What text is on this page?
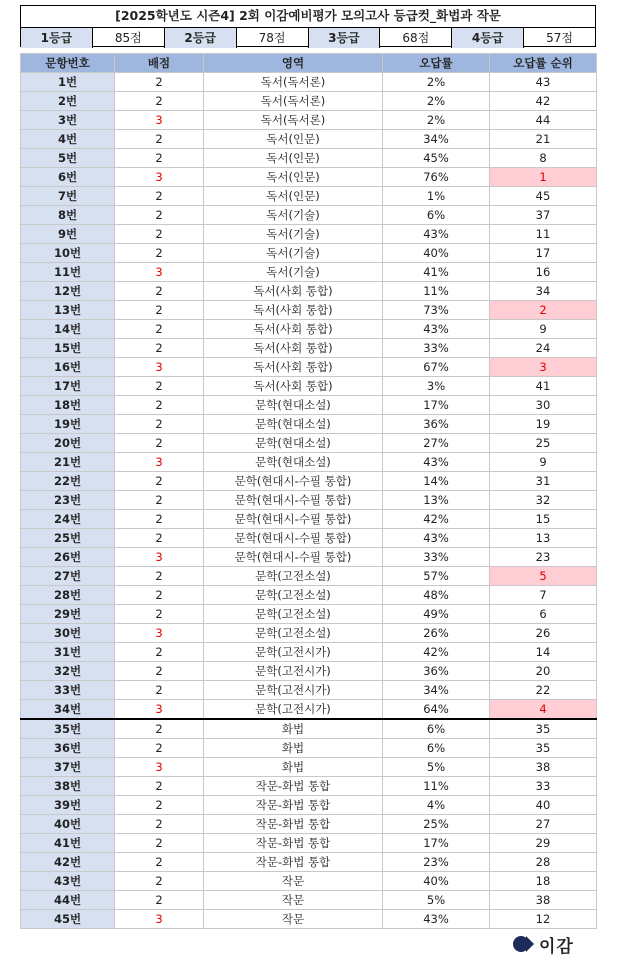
[2025학년도 시즌4] 2회 이감예비평가 모의고사 등급컷_화법과 작문
1등급	85점	2등급	78점	3등급	68점	4등급	57점
문항번호	배점	영역	오답률	오답률 순위
1번	2	독서(독서론)	2%	43
2번	2	독서(독서론)	2%	42
3번	3	독서(독서론)	2%	44
4번	2	독서(인문)	34%	21
5번	2	독서(인문)	45%	8
6번	3	독서(인문)	76%	1
7번	2	독서(인문)	1%	45
8번	2	독서(기술)	6%	37
9번	2	독서(기술)	43%	11
10번	2	독서(기술)	40%	17
11번	3	독서(기술)	41%	16
12번	2	독서(사회 통합)	11%	34
13번	2	독서(사회 통합)	73%	2
14번	2	독서(사회 통합)	43%	9
15번	2	독서(사회 통합)	33%	24
16번	3	독서(사회 통합)	67%	3
17번	2	독서(사회 통합)	3%	41
18번	2	문학(현대소설)	17%	30
19번	2	문학(현대소설)	36%	19
20번	2	문학(현대소설)	27%	25
21번	3	문학(현대소설)	43%	9
22번	2	문학(현대시-수필 통합)	14%	31
23번	2	문학(현대시-수필 통합)	13%	32
24번	2	문학(현대시-수필 통합)	42%	15
25번	2	문학(현대시-수필 통합)	43%	13
26번	3	문학(현대시-수필 통합)	33%	23
27번	2	문학(고전소설)	57%	5
28번	2	문학(고전소설)	48%	7
29번	2	문학(고전소설)	49%	6
30번	3	문학(고전소설)	26%	26
31번	2	문학(고전시가)	42%	14
32번	2	문학(고전시가)	36%	20
33번	2	문학(고전시가)	34%	22
34번	3	문학(고전시가)	64%	4
35번	2	화법	6%	35
36번	2	화법	6%	35
37번	3	화법	5%	38
38번	2	작문-화법 통합	11%	33
39번	2	작문-화법 통합	4%	40
40번	2	작문-화법 통합	25%	27
41번	2	작문-화법 통합	17%	29
42번	2	작문-화법 통합	23%	28
43번	2	작문	40%	18
44번	2	작문	5%	38
45번	3	작문	43%	12
이감
